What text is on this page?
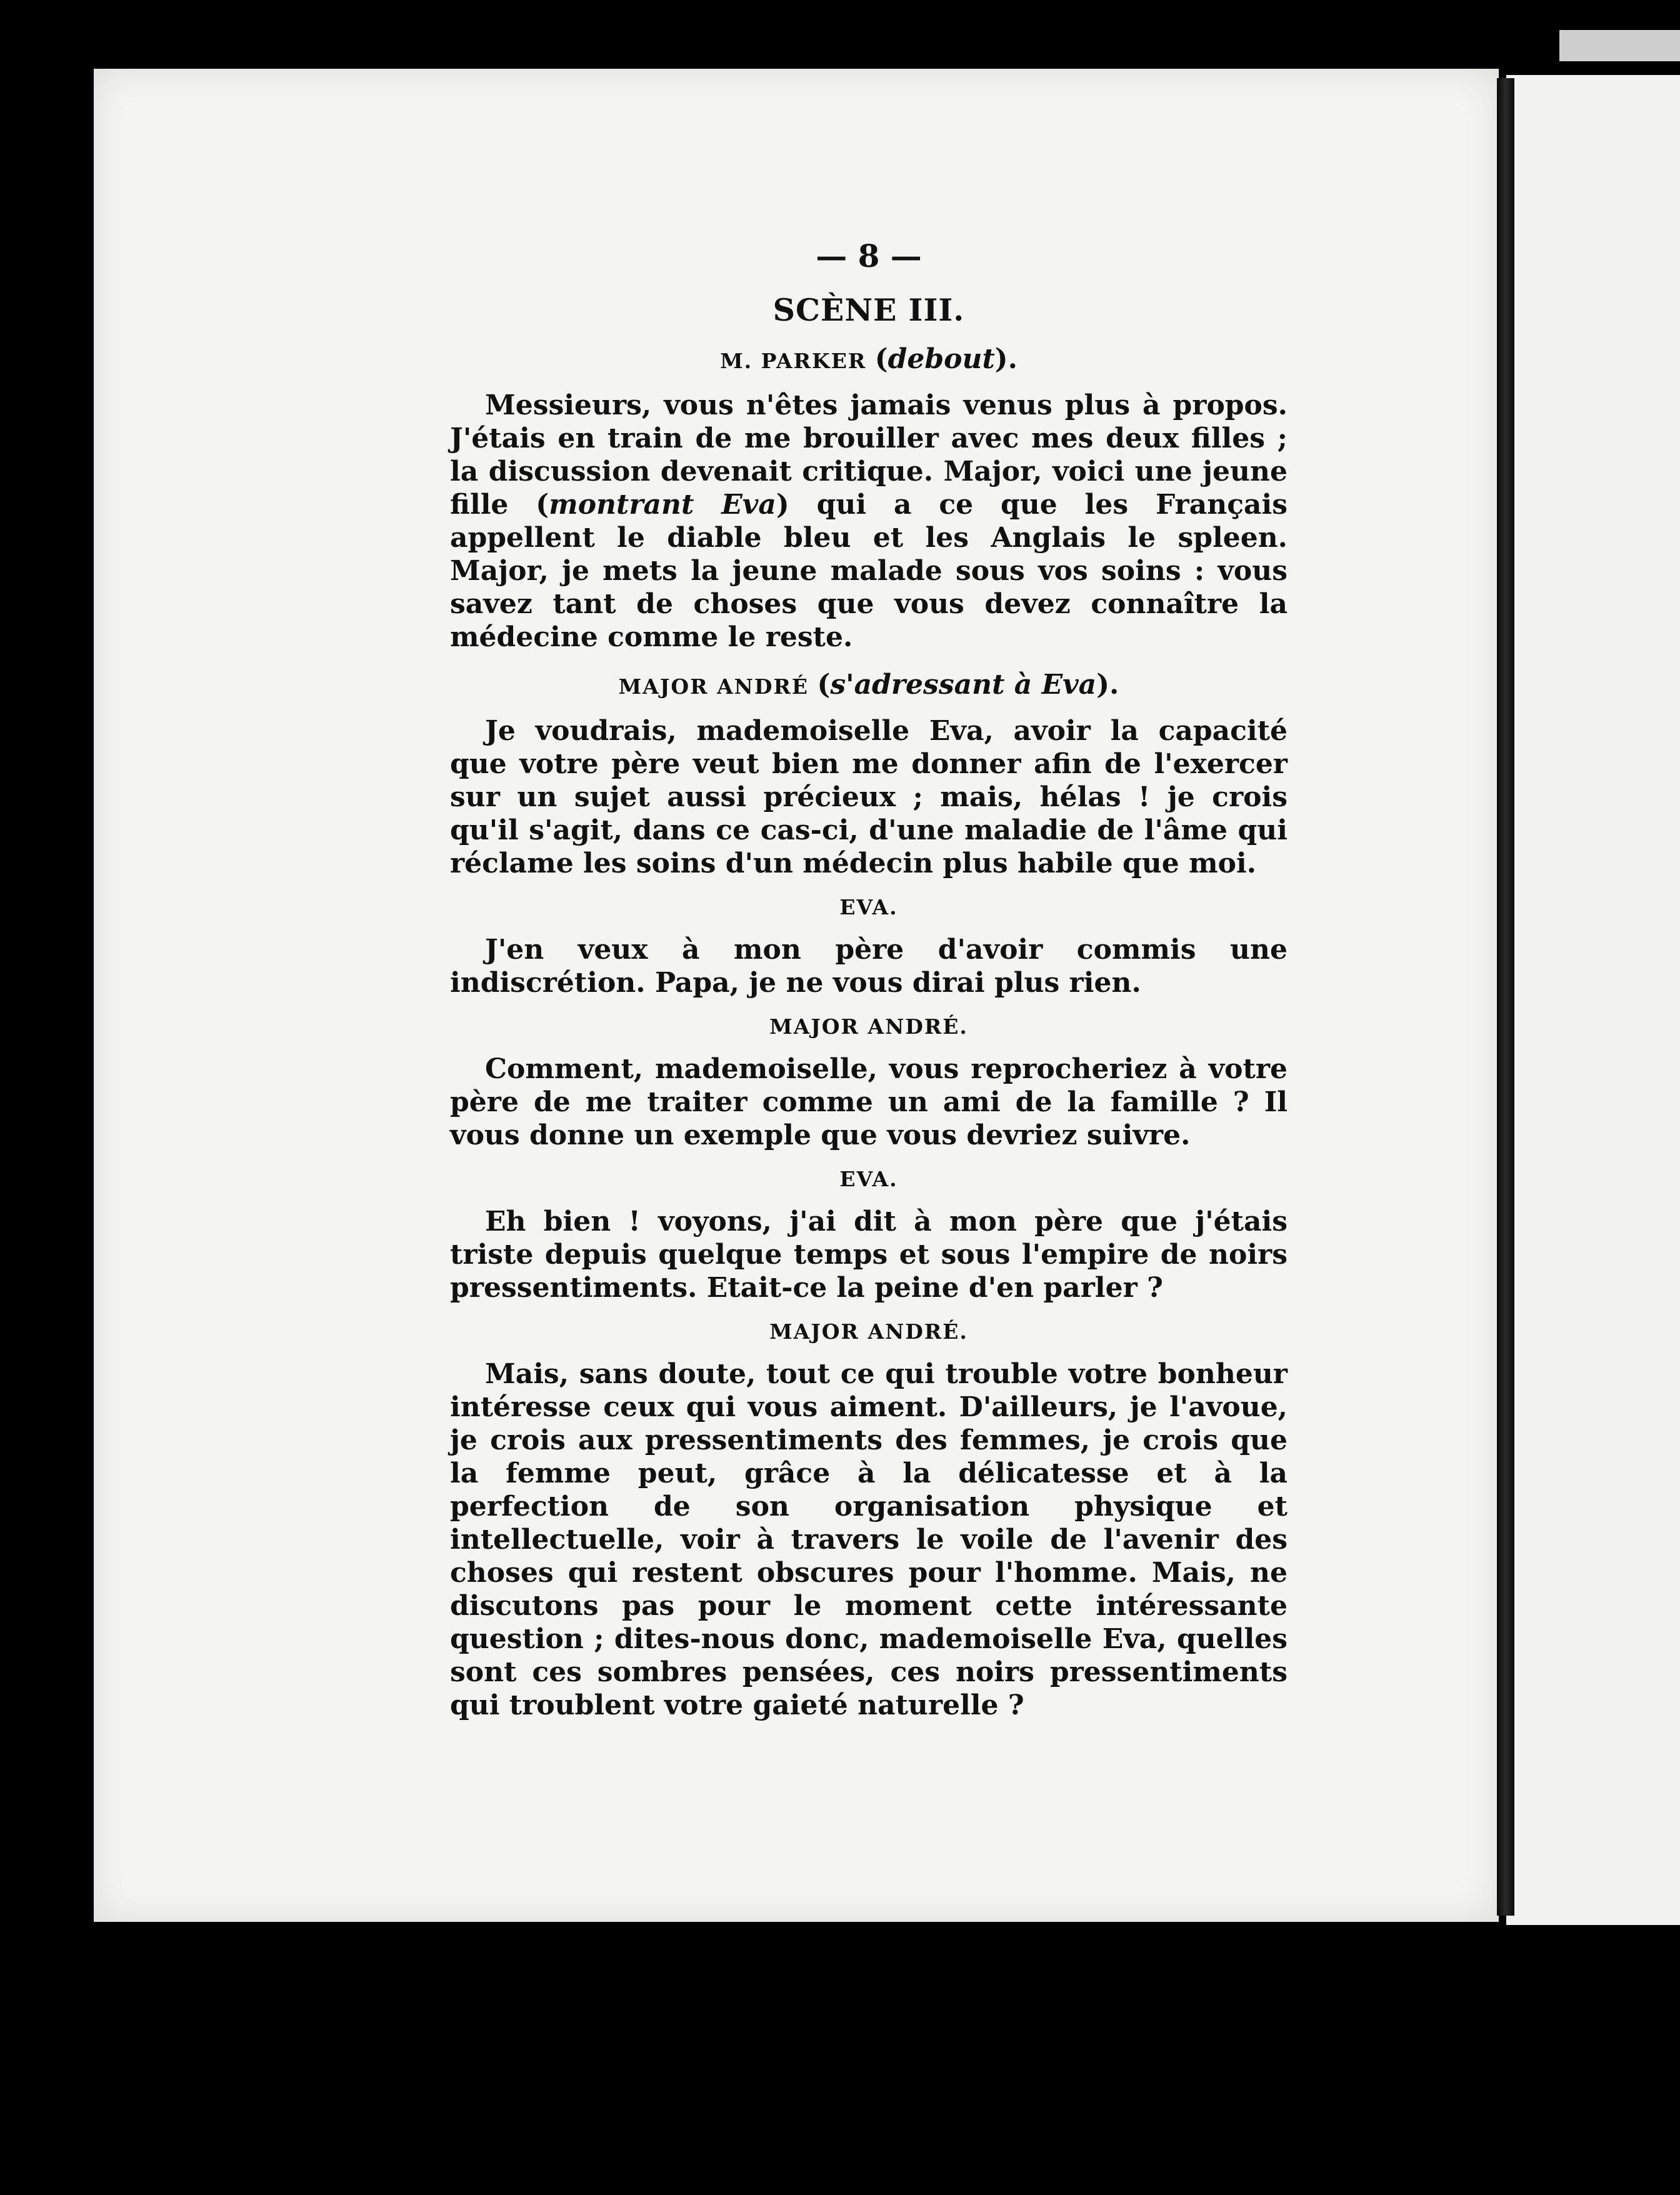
— 8 —
SCÈNE III.
M. PARKER (debout).

Messieurs, vous n'êtes jamais venus plus à propos. J'étais en train de me brouiller avec mes deux filles ; la discussion devenait critique. Major, voici une jeune fille (montrant Eva) qui a ce que les Français appellent le diable bleu et les Anglais le spleen. Major, je mets la jeune malade sous vos soins : vous savez tant de choses que vous devez connaître la médecine comme le reste.

MAJOR ANDRÉ (s'adressant à Eva).

Je voudrais, mademoiselle Eva, avoir la capacité que votre père veut bien me donner afin de l'exercer sur un sujet aussi précieux ; mais, hélas ! je crois qu'il s'agit, dans ce cas-ci, d'une maladie de l'âme qui réclame les soins d'un médecin plus habile que moi.

EVA.

J'en veux à mon père d'avoir commis une indiscrétion. Papa, je ne vous dirai plus rien.

MAJOR ANDRÉ.

Comment, mademoiselle, vous reprocheriez à votre père de me traiter comme un ami de la famille ? Il vous donne un exemple que vous devriez suivre.

EVA.

Eh bien ! voyons, j'ai dit à mon père que j'étais triste depuis quelque temps et sous l'empire de noirs pressentiments. Etait-ce la peine d'en parler ?

MAJOR ANDRÉ.

Mais, sans doute, tout ce qui trouble votre bonheur intéresse ceux qui vous aiment. D'ailleurs, je l'avoue, je crois aux pressentiments des femmes, je crois que la femme peut, grâce à la délicatesse et à la perfection de son organisation physique et intellectuelle, voir à travers le voile de l'avenir des choses qui restent obscures pour l'homme. Mais, ne discutons pas pour le moment cette intéressante question ; dites-nous donc, mademoiselle Eva, quelles sont ces sombres pensées, ces noirs pressentiments qui troublent votre gaieté naturelle ?
